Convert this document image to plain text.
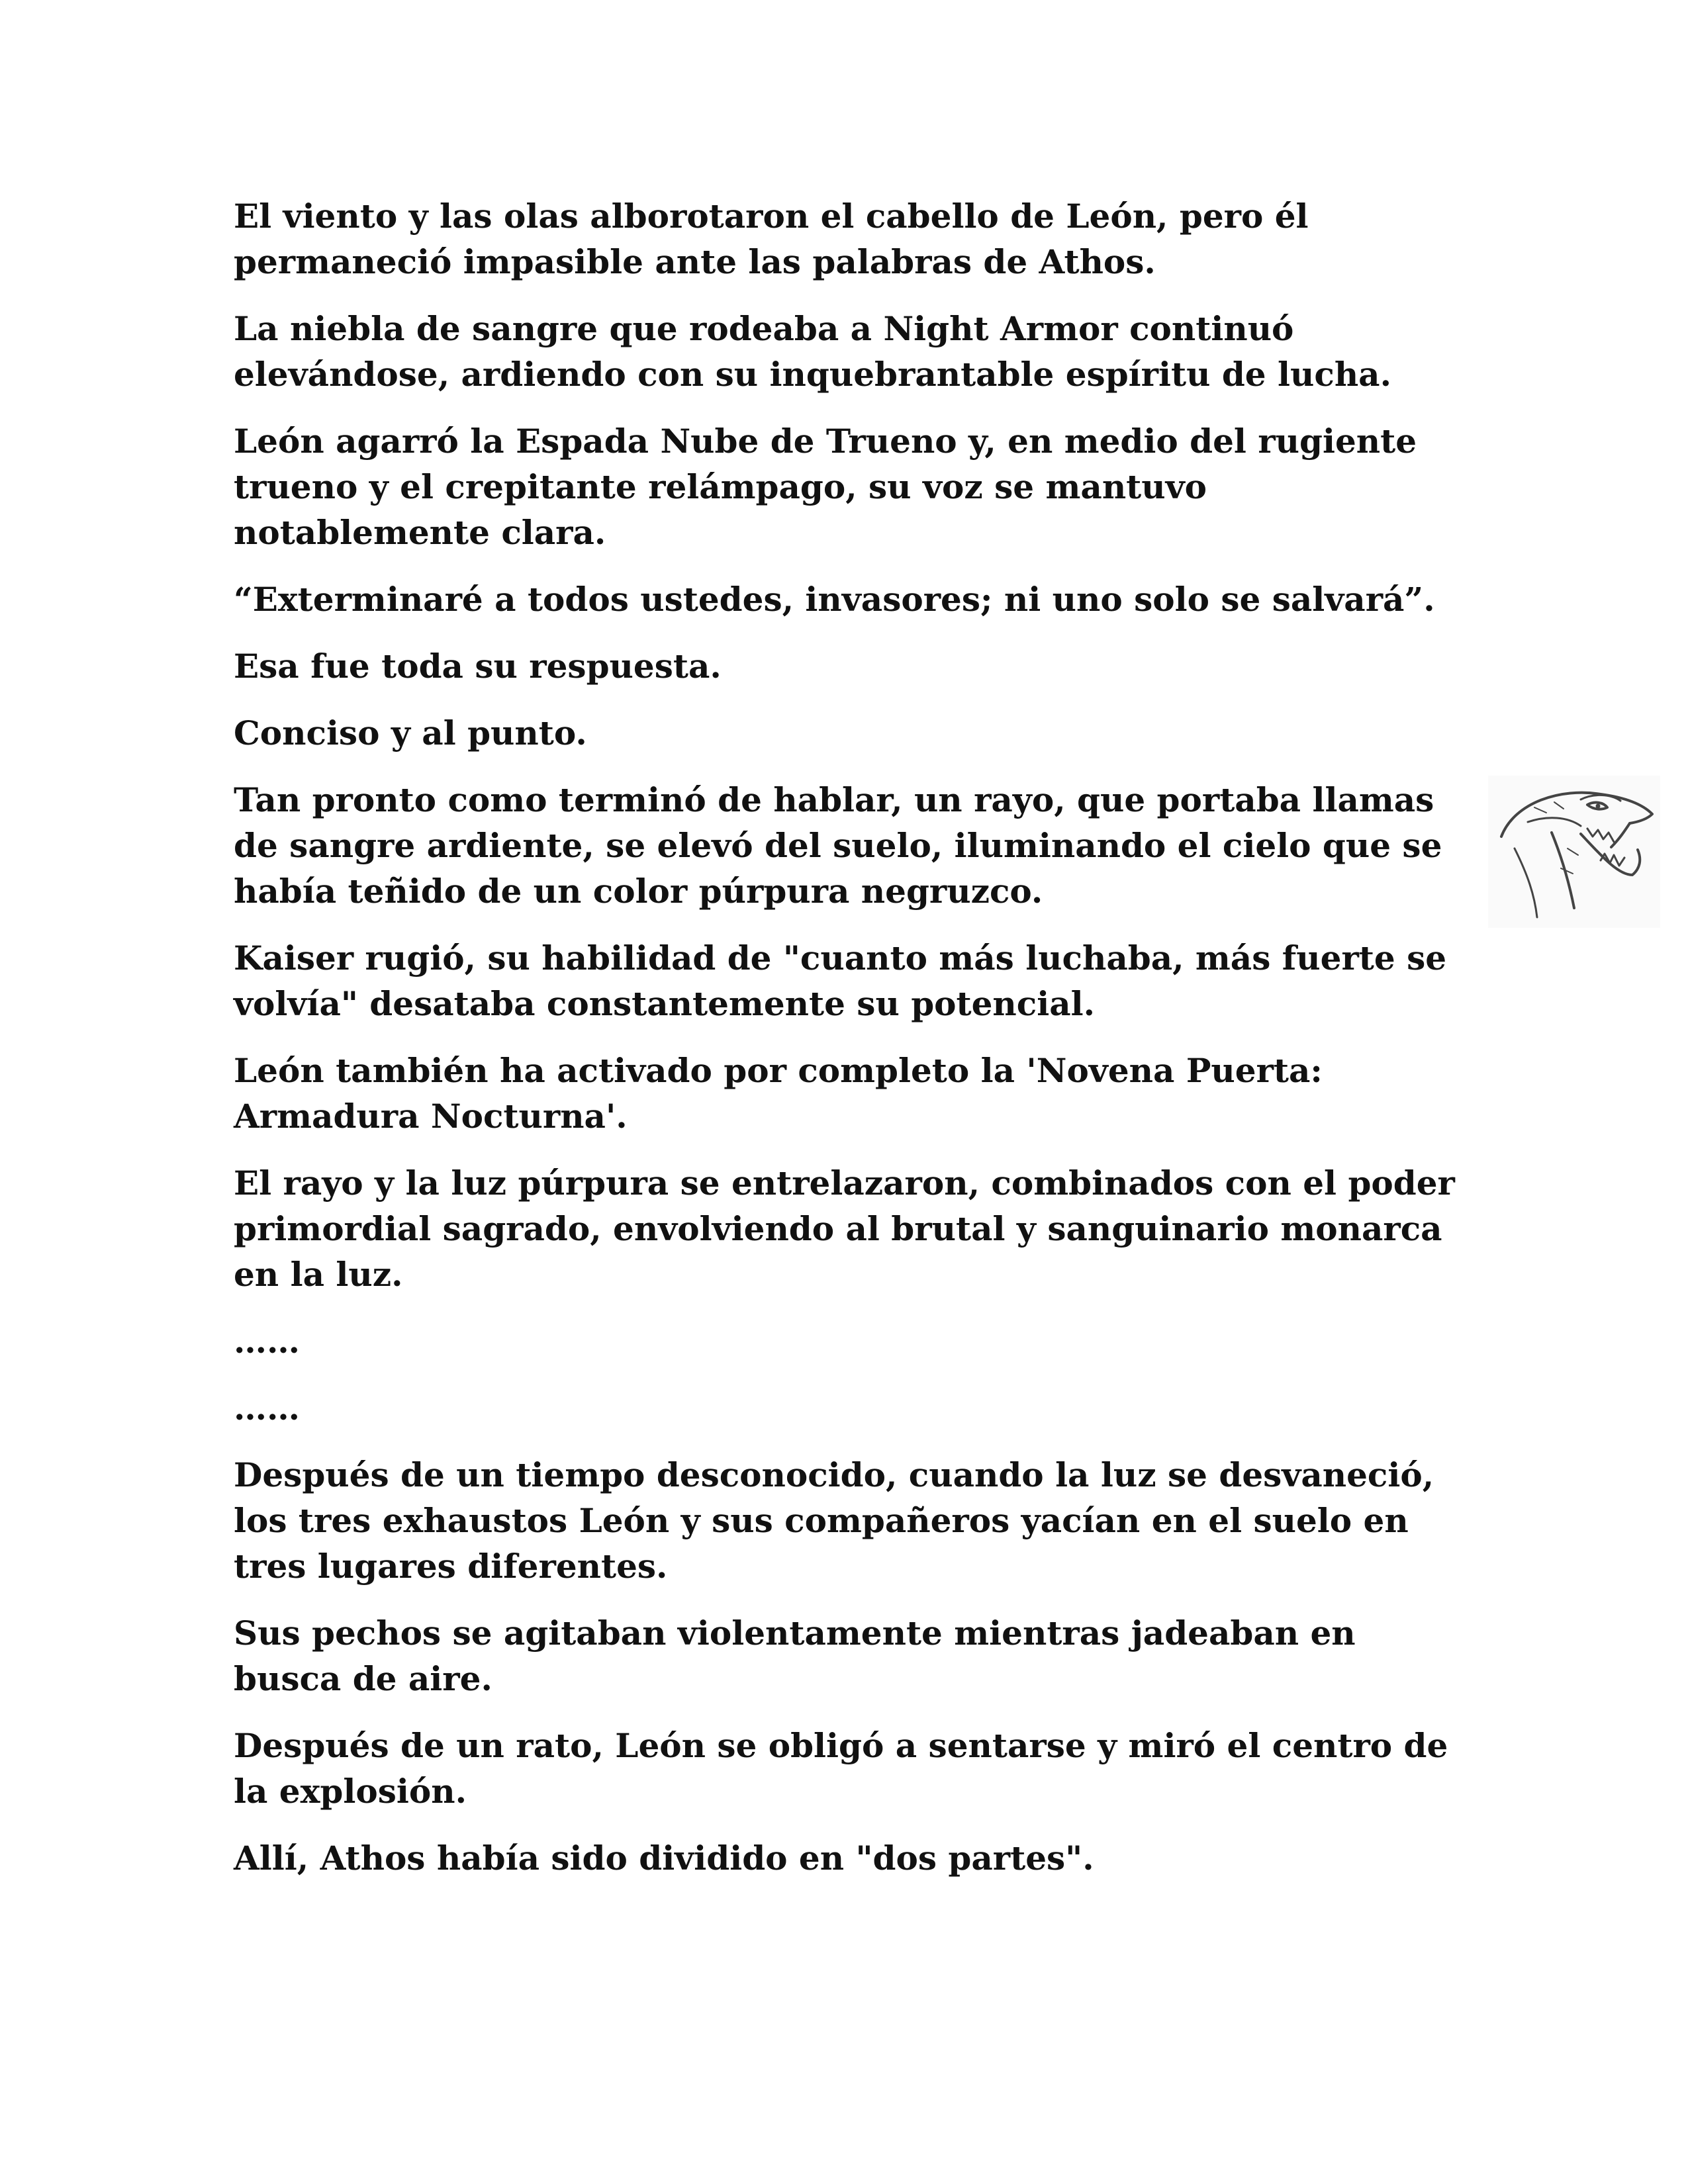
El viento y las olas alborotaron el cabello de León, pero él permaneció impasible ante las palabras de Athos.

La niebla de sangre que rodeaba a Night Armor continuó elevándose, ardiendo con su inquebrantable espíritu de lucha.

León agarró la Espada Nube de Trueno y, en medio del rugiente trueno y el crepitante relámpago, su voz se mantuvo notablemente clara.

“Exterminaré a todos ustedes, invasores; ni uno solo se salvará”.

Esa fue toda su respuesta.

Conciso y al punto.

Tan pronto como terminó de hablar, un rayo, que portaba llamas de sangre ardiente, se elevó del suelo, iluminando el cielo que se había teñido de un color púrpura negruzco.

Kaiser rugió, su habilidad de "cuanto más luchaba, más fuerte se volvía" desataba constantemente su potencial.

León también ha activado por completo la 'Novena Puerta: Armadura Nocturna'.

El rayo y la luz púrpura se entrelazaron, combinados con el poder primordial sagrado, envolviendo al brutal y sanguinario monarca en la luz.

……

……

Después de un tiempo desconocido, cuando la luz se desvaneció, los tres exhaustos León y sus compañeros yacían en el suelo en tres lugares diferentes.

Sus pechos se agitaban violentamente mientras jadeaban en busca de aire.

Después de un rato, León se obligó a sentarse y miró el centro de la explosión.

Allí, Athos había sido dividido en "dos partes".
